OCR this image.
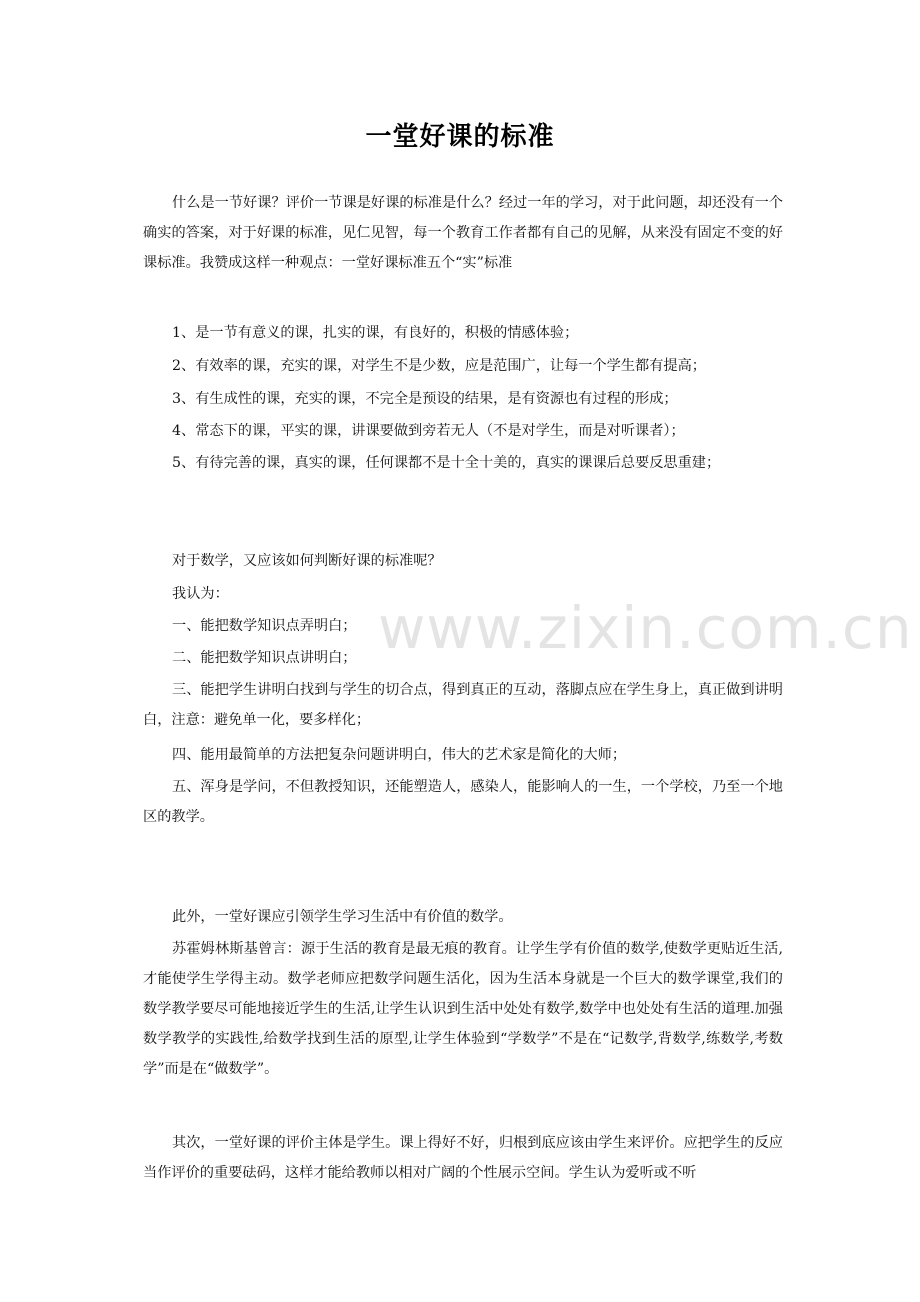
一堂好课的标准
什么是一节好课？评价一节课是好课的标准是什么？经过一年的学习，对于此问题，却还没有一个确实的答案，对于好课的标准，见仁见智，每一个教育工作者都有自己的见解，从来没有固定不变的好课标准。我赞成这样一种观点：一堂好课标准五个“实”标准
1、是一节有意义的课，扎实的课，有良好的，积极的情感体验；
2、有效率的课，充实的课，对学生不是少数，应是范围广，让每一个学生都有提高；
3、有生成性的课，充实的课，不完全是预设的结果，是有资源也有过程的形成；
4、常态下的课，平实的课，讲课要做到旁若无人（不是对学生，而是对听课者）；
5、有待完善的课，真实的课，任何课都不是十全十美的，真实的课课后总要反思重建；
对于数学，又应该如何判断好课的标准呢？
我认为：
一、能把数学知识点弄明白；
二、能把数学知识点讲明白；
三、能把学生讲明白找到与学生的切合点，得到真正的互动，落脚点应在学生身上，真正做到讲明白，注意：避免单一化，要多样化；
四、能用最简单的方法把复杂问题讲明白，伟大的艺术家是简化的大师；
五、浑身是学问，不但教授知识，还能塑造人，感染人，能影响人的一生，一个学校，乃至一个地区的教学。
此外，一堂好课应引领学生学习生活中有价值的数学。
苏霍姆林斯基曾言：源于生活的教育是最无痕的教育。让学生学有价值的数学,使数学更贴近生活,才能使学生学得主动。数学老师应把数学问题生活化，因为生活本身就是一个巨大的数学课堂,我们的数学教学要尽可能地接近学生的生活,让学生认识到生活中处处有数学,数学中也处处有生活的道理.加强数学教学的实践性,给数学找到生活的原型,让学生体验到“学数学”不是在“记数学,背数学,练数学,考数学”而是在“做数学”。
其次，一堂好课的评价主体是学生。课上得好不好，归根到底应该由学生来评价。应把学生的反应当作评价的重要砝码，这样才能给教师以相对广阔的个性展示空间。学生认为爱听或不听
www.zixin.com.cn
